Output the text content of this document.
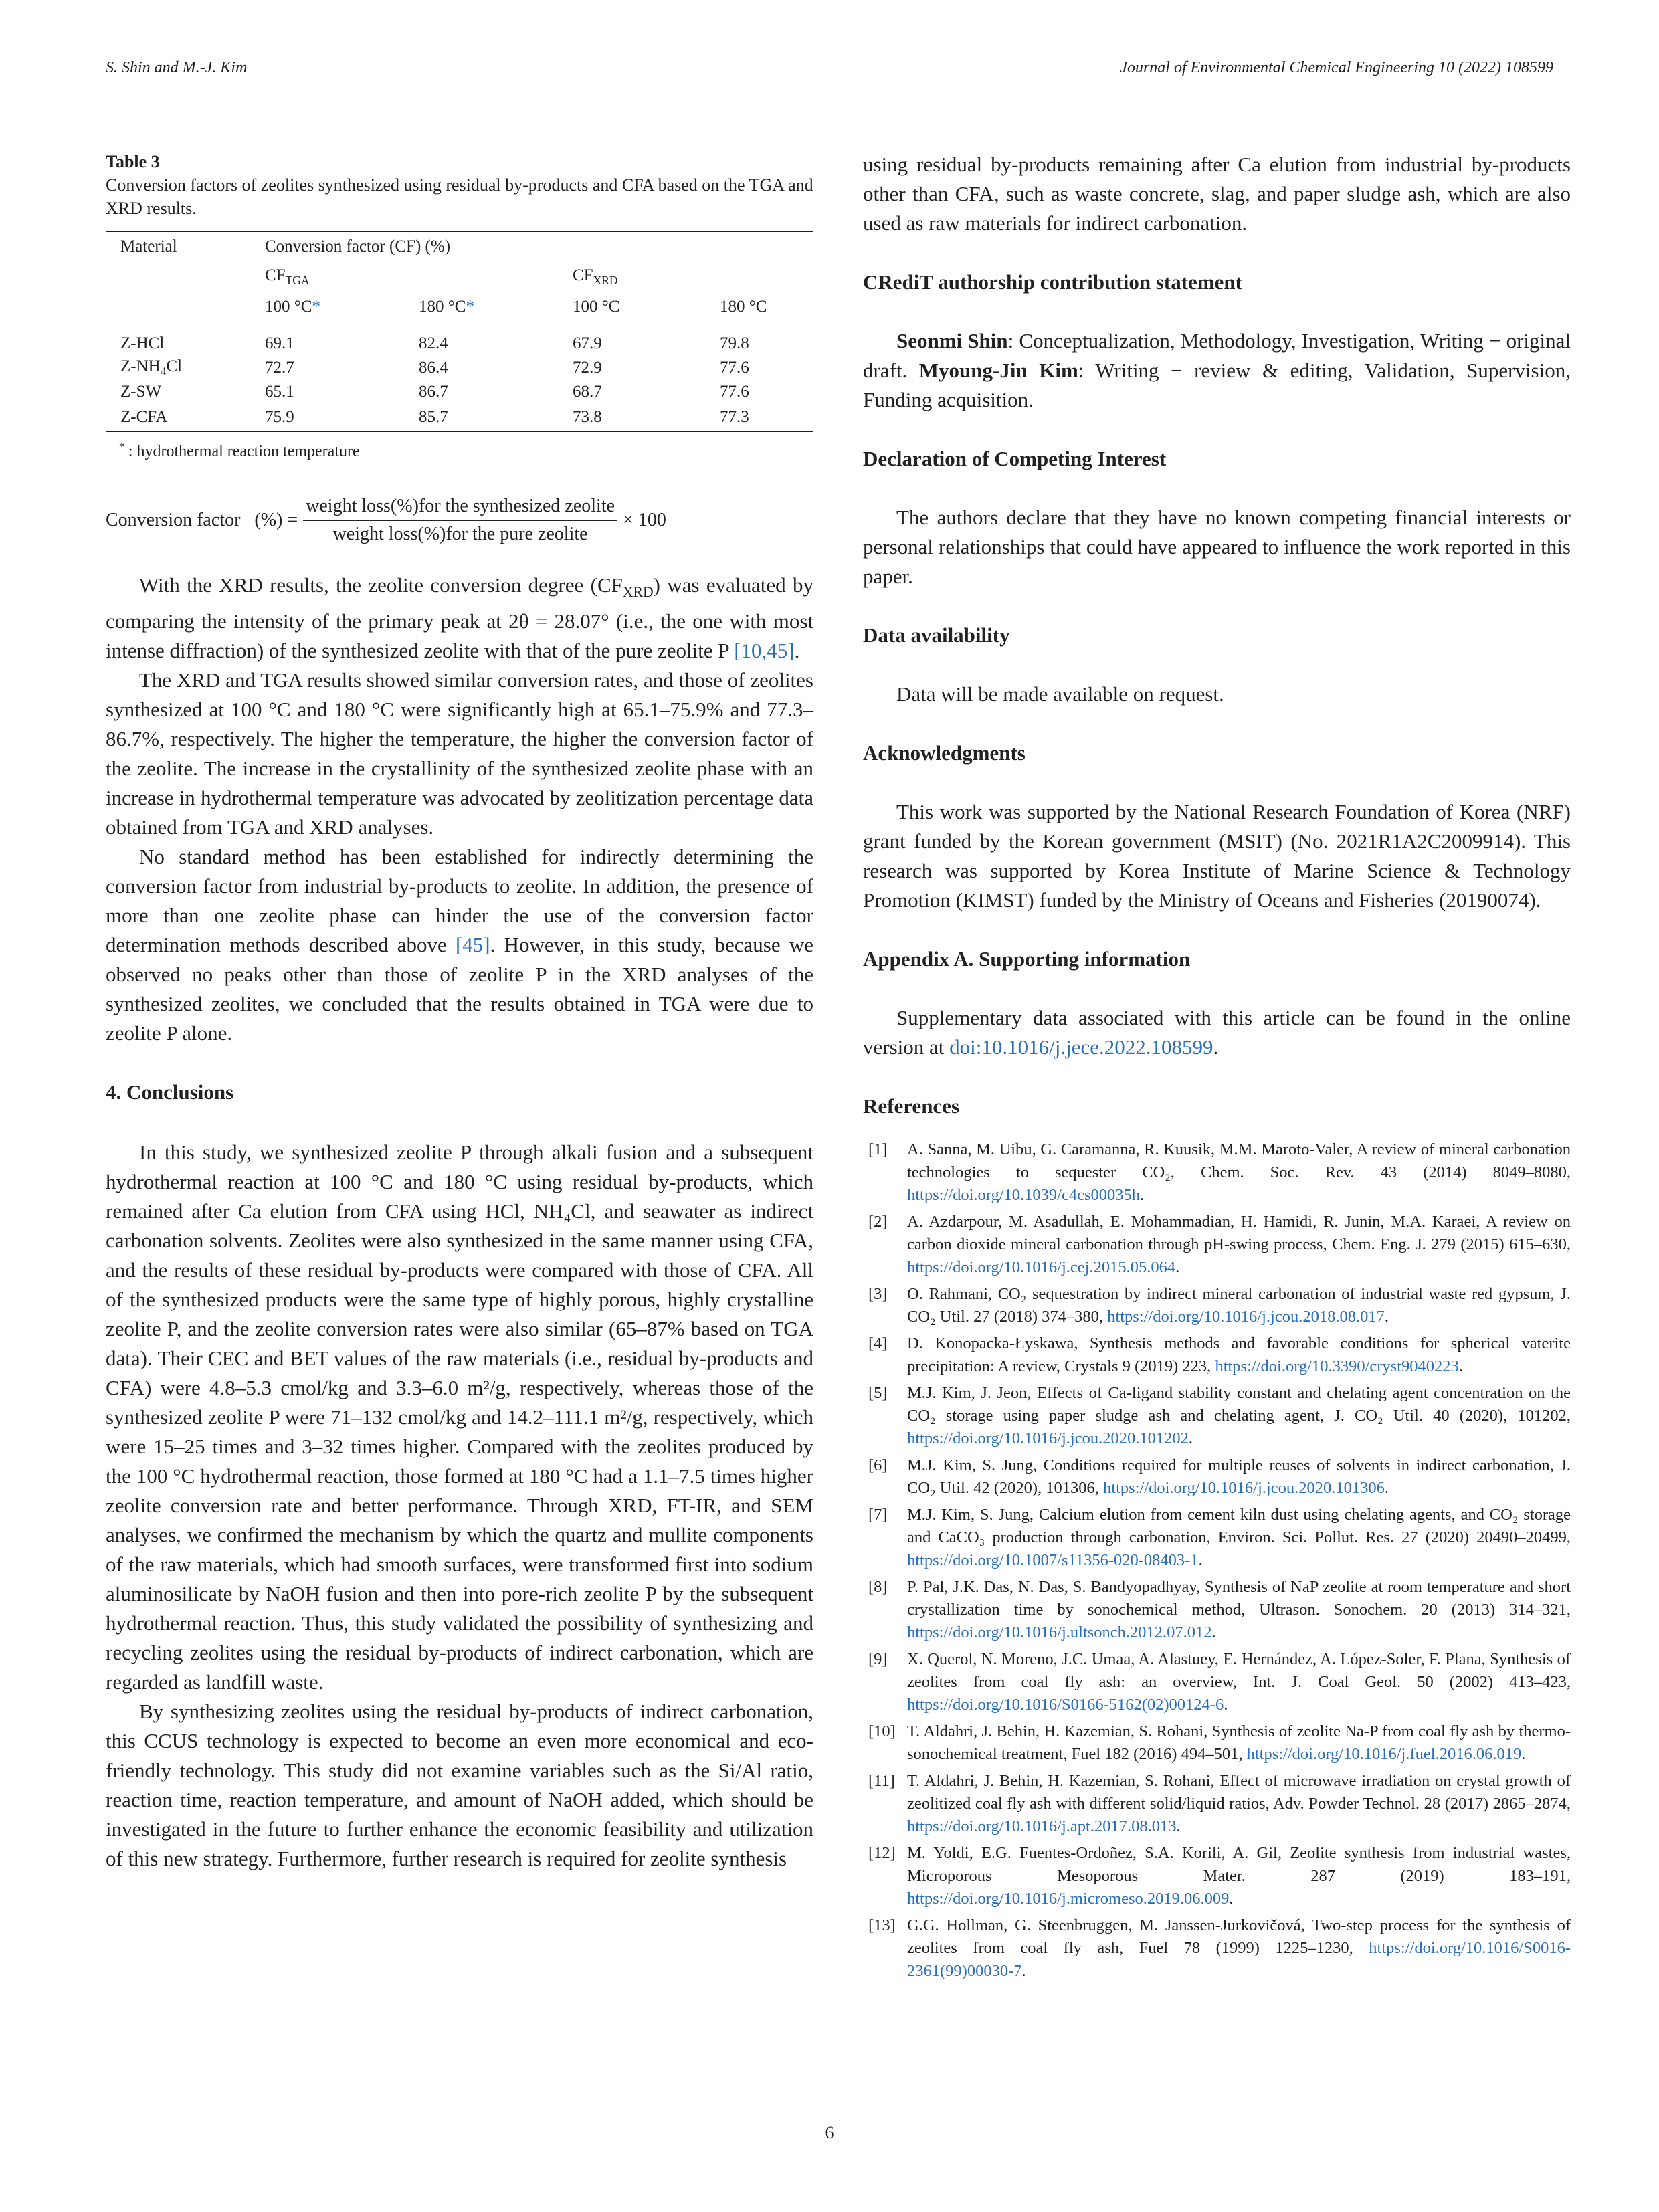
S. Shin and M.-J. Kim	Journal of Environmental Chemical Engineering 10 (2022) 108599
Table 3
Conversion factors of zeolites synthesized using residual by-products and CFA based on the TGA and XRD results.
Material	Conversion factor (CF) (%)			
	$CF_{TGA}$		$CF_{XRD}$
	100 °C*	180 °C*	100 °C	180 °C

Z-HCl	69.1	82.4	67.9	79.8
$Z-NH_4Cl$	72.7	86.4	72.9	77.6
Z-SW	65.1	86.7	68.7	77.6
Z-CFA	75.9	85.7	73.8	77.3
* : hydrothermal reaction temperature
Conversion factor   (%) = $\frac{\text{weight loss(\%)for the synthesized zeolite}}{\text{weight loss(\%)for the pure zeolite}} \times 100$

With the XRD results, the zeolite conversion degree $(CF_{XRD})$ was evaluated by comparing the intensity of the primary peak at 2θ = 28.07° (i.e., the one with most intense diffraction) of the synthesized zeolite with that of the pure zeolite P [10,45].

The XRD and TGA results showed similar conversion rates, and those of zeolites synthesized at 100 °C and 180 °C were significantly high at 65.1–75.9% and 77.3–86.7%, respectively. The higher the temperature, the higher the conversion factor of the zeolite. The increase in the crystallinity of the synthesized zeolite phase with an increase in hydrothermal temperature was advocated by zeolitization percentage data obtained from TGA and XRD analyses.

No standard method has been established for indirectly determining the conversion factor from industrial by-products to zeolite. In addition, the presence of more than one zeolite phase can hinder the use of the conversion factor determination methods described above [45]. However, in this study, because we observed no peaks other than those of zeolite P in the XRD analyses of the synthesized zeolites, we concluded that the results obtained in TGA were due to zeolite P alone.

4. Conclusions

In this study, we synthesized zeolite P through alkali fusion and a subsequent hydrothermal reaction at 100 °C and 180 °C using residual by-products, which remained after Ca elution from CFA using HCl, NH₄Cl, and seawater as indirect carbonation solvents. Zeolites were also synthesized in the same manner using CFA, and the results of these residual by-products were compared with those of CFA. All of the synthesized products were the same type of highly porous, highly crystalline zeolite P, and the zeolite conversion rates were also similar (65–87% based on TGA data). Their CEC and BET values of the raw materials (i.e., residual by-products and CFA) were 4.8–5.3 cmol/kg and 3.3–6.0 m²/g, respectively, whereas those of the synthesized zeolite P were 71–132 cmol/kg and 14.2–111.1 m²/g, respectively, which were 15–25 times and 3–32 times higher. Compared with the zeolites produced by the 100 °C hydrothermal reaction, those formed at 180 °C had a 1.1–7.5 times higher zeolite conversion rate and better performance. Through XRD, FT-IR, and SEM analyses, we confirmed the mechanism by which the quartz and mullite components of the raw materials, which had smooth surfaces, were transformed first into sodium aluminosilicate by NaOH fusion and then into pore-rich zeolite P by the subsequent hydrothermal reaction. Thus, this study validated the possibility of synthesizing and recycling zeolites using the residual by-products of indirect carbonation, which are regarded as landfill waste.

By synthesizing zeolites using the residual by-products of indirect carbonation, this CCUS technology is expected to become an even more economical and eco-friendly technology. This study did not examine variables such as the Si/Al ratio, reaction time, reaction temperature, and amount of NaOH added, which should be investigated in the future to further enhance the economic feasibility and utilization of this new strategy. Furthermore, further research is required for zeolite synthesis

using residual by-products remaining after Ca elution from industrial by-products other than CFA, such as waste concrete, slag, and paper sludge ash, which are also used as raw materials for indirect carbonation.

CRediT authorship contribution statement

Seonmi Shin: Conceptualization, Methodology, Investigation, Writing − original draft. Myoung-Jin Kim: Writing − review & editing, Validation, Supervision, Funding acquisition.

Declaration of Competing Interest

The authors declare that they have no known competing financial interests or personal relationships that could have appeared to influence the work reported in this paper.

Data availability

Data will be made available on request.

Acknowledgments

This work was supported by the National Research Foundation of Korea (NRF) grant funded by the Korean government (MSIT) (No. 2021R1A2C2009914). This research was supported by Korea Institute of Marine Science & Technology Promotion (KIMST) funded by the Ministry of Oceans and Fisheries (20190074).

Appendix A. Supporting information

Supplementary data associated with this article can be found in the online version at doi:10.1016/j.jece.2022.108599.

References
[1]	A. Sanna, M. Uibu, G. Caramanna, R. Kuusik, M.M. Maroto-Valer, A review of mineral carbonation technologies to sequester CO₂, Chem. Soc. Rev. 43 (2014) 8049–8080, https://doi.org/10.1039/c4cs00035h.
[2]	A. Azdarpour, M. Asadullah, E. Mohammadian, H. Hamidi, R. Junin, M.A. Karaei, A review on carbon dioxide mineral carbonation through pH-swing process, Chem. Eng. J. 279 (2015) 615–630, https://doi.org/10.1016/j.cej.2015.05.064.
[3]	O. Rahmani, CO₂ sequestration by indirect mineral carbonation of industrial waste red gypsum, J. CO₂ Util. 27 (2018) 374–380, https://doi.org/10.1016/j.jcou.2018.08.017.
[4]	D. Konopacka-Łyskawa, Synthesis methods and favorable conditions for spherical vaterite precipitation: A review, Crystals 9 (2019) 223, https://doi.org/10.3390/cryst9040223.
[5]	M.J. Kim, J. Jeon, Effects of Ca-ligand stability constant and chelating agent concentration on the CO₂ storage using paper sludge ash and chelating agent, J. CO₂ Util. 40 (2020), 101202, https://doi.org/10.1016/j.jcou.2020.101202.
[6]	M.J. Kim, S. Jung, Conditions required for multiple reuses of solvents in indirect carbonation, J. CO₂ Util. 42 (2020), 101306, https://doi.org/10.1016/j.jcou.2020.101306.
[7]	M.J. Kim, S. Jung, Calcium elution from cement kiln dust using chelating agents, and CO₂ storage and CaCO₃ production through carbonation, Environ. Sci. Pollut. Res. 27 (2020) 20490–20499, https://doi.org/10.1007/s11356-020-08403-1.
[8]	P. Pal, J.K. Das, N. Das, S. Bandyopadhyay, Synthesis of NaP zeolite at room temperature and short crystallization time by sonochemical method, Ultrason. Sonochem. 20 (2013) 314–321, https://doi.org/10.1016/j.ultsonch.2012.07.012.
[9]	X. Querol, N. Moreno, J.C. Umaa, A. Alastuey, E. Hernández, A. López-Soler, F. Plana, Synthesis of zeolites from coal fly ash: an overview, Int. J. Coal Geol. 50 (2002) 413–423, https://doi.org/10.1016/S0166-5162(02)00124-6.
[10] T. Aldahri, J. Behin, H. Kazemian, S. Rohani, Synthesis of zeolite Na-P from coal fly ash by thermo-sonochemical treatment, Fuel 182 (2016) 494–501, https://doi.org/10.1016/j.fuel.2016.06.019.
[11] T. Aldahri, J. Behin, H. Kazemian, S. Rohani, Effect of microwave irradiation on crystal growth of zeolitized coal fly ash with different solid/liquid ratios, Adv. Powder Technol. 28 (2017) 2865–2874, https://doi.org/10.1016/j.apt.2017.08.013.
[12] M. Yoldi, E.G. Fuentes-Ordoñez, S.A. Korili, A. Gil, Zeolite synthesis from industrial wastes, Microporous Mesoporous Mater. 287 (2019) 183–191, https://doi.org/10.1016/j.micromeso.2019.06.009.
[13] G.G. Hollman, G. Steenbruggen, M. Janssen-Jurkovičová, Two-step process for the synthesis of zeolites from coal fly ash, Fuel 78 (1999) 1225–1230, https://doi.org/10.1016/S0016-2361(99)00030-7.
6
